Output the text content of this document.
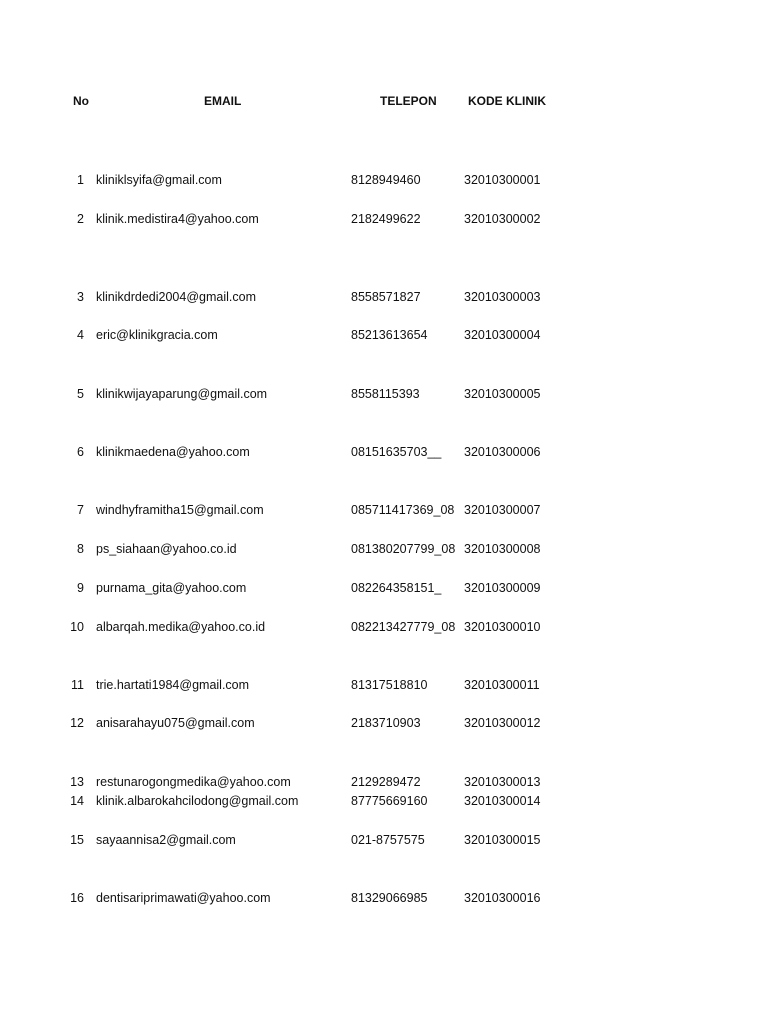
No	EMAIL	TELEPON	KODE KLINIK
1 kliniklsyifa@gmail.com	8128949460	32010300001
2 klinik.medistira4@yahoo.com	2182499622	32010300002
3 klinikdrdedi2004@gmail.com	8558571827	32010300003
4 eric@klinikgracia.com	85213613654	32010300004
5 klinikwijayaparung@gmail.com	8558115393	32010300005
6 klinikmaedena@yahoo.com	08151635703__ 32010300006
7 windhyframitha15@gmail.com	085711417369_08 32010300007
8 ps_siahaan@yahoo.co.id	081380207799_08 32010300008
9 purnama_gita@yahoo.com	082264358151_ 32010300009
10 albarqah.medika@yahoo.co.id	082213427779_08 32010300010
11 trie.hartati1984@gmail.com	81317518810	32010300011
12 anisarahayu075@gmail.com	2183710903	32010300012
13 restunarogongmedika@yahoo.com	2129289472	32010300013
14 klinik.albarokahcilodong@gmail.com	87775669160	32010300014
15 sayaannisa2@gmail.com	021-8757575	32010300015
16 dentisariprimawati@yahoo.com	81329066985	32010300016
